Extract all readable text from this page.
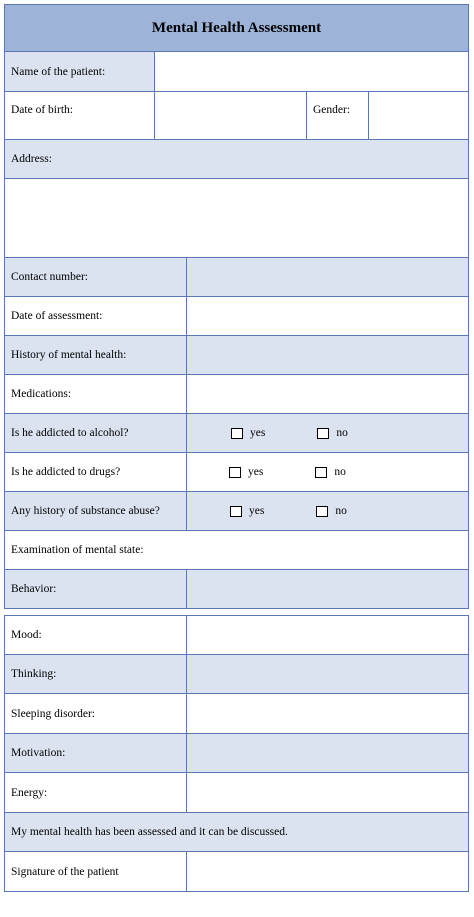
Mental Health Assessment
Name of the patient:
Date of birth:	Gender:
Address:
Contact number:
Date of assessment:
History of mental health:
Medications:
Is he addicted to alcohol?	yes	no
Is he addicted to drugs?	yes	no
Any history of substance abuse?	yes	no
Examination of mental state:
Behavior:
Mood:
Thinking:
Sleeping disorder:
Motivation:
Energy:
My mental health has been assessed and it can be discussed.
Signature of the patient
